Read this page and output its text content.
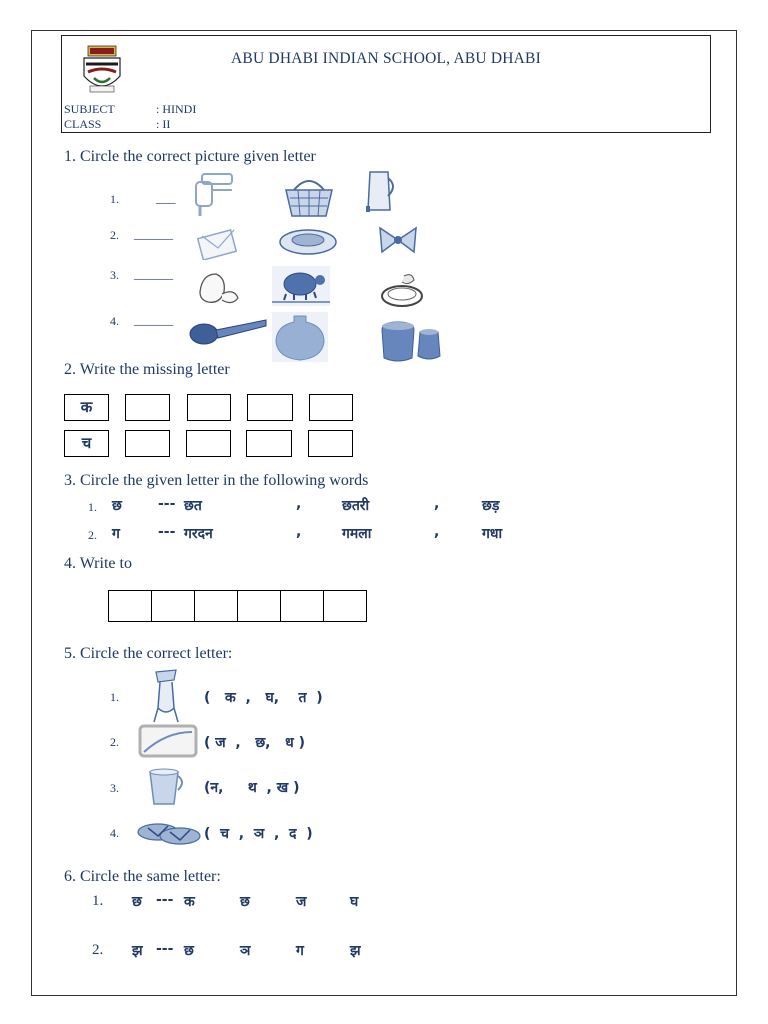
ABU DHABI INDIAN SCHOOL, ABU DHABI
SUBJECT	: HINDI
CLASS	: II
1. Circle the correct picture given letter
1.	___
2. ______
3. ______
4. ______
2. Write the missing letter
क
च
3. Circle the given letter in the following words
1. छ	--- छत	,	छतरी	,	छड़
2. ग	--- गरदन	,	गमला	,	गधा
4. Write to
5. Circle the correct letter:
1.	(   क  ,   घ,    त  )
2.	( ज  ,   छ,   ध )
3.	(न,     थ  , ख )
4.	(  च  ,  ञ  ,  द  )
6. Circle the same letter:
1. छ --- क	छ	ज	घ
2. झ --- छ	ञ	ग	झ
